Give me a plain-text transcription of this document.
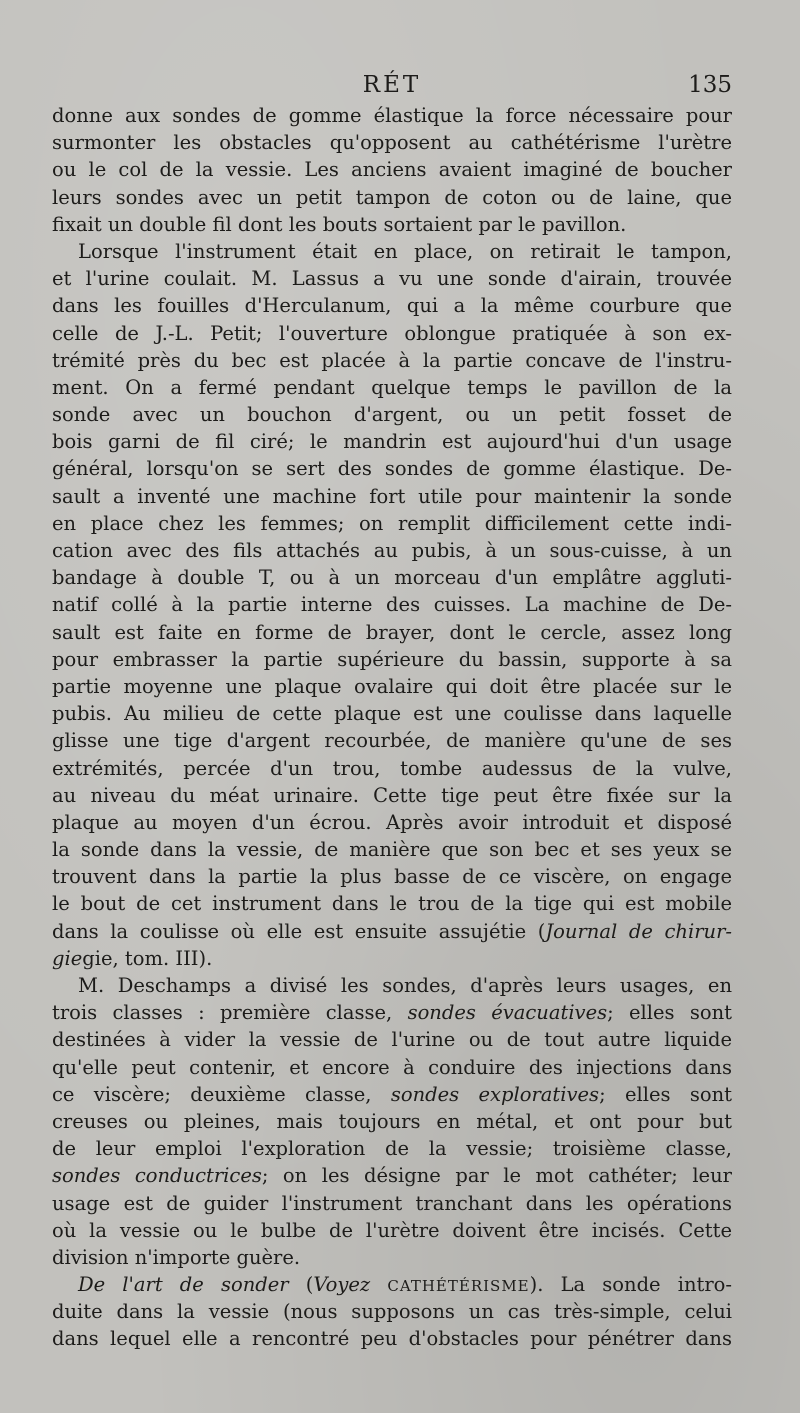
RÉT	135
donne aux sondes de gomme élastique la force nécessaire pour
surmonter les obstacles qu'opposent au cathétérisme l'urètre
ou le col de la vessie. Les anciens avaient imaginé de boucher
leurs sondes avec un petit tampon de coton ou de laine, que
fixait un double fil dont les bouts sortaient par le pavillon.
Lorsque l'instrument était en place, on retirait le tampon,
et l'urine coulait. M. Lassus a vu une sonde d'airain, trouvée
dans les fouilles d'Herculanum, qui a la même courbure que
celle de J.-L. Petit; l'ouverture oblongue pratiquée à son ex-
trémité près du bec est placée à la partie concave de l'instru-
ment. On a fermé pendant quelque temps le pavillon de la
sonde avec un bouchon d'argent, ou un petit fosset de
bois garni de fil ciré; le mandrin est aujourd'hui d'un usage
général, lorsqu'on se sert des sondes de gomme élastique. De-
sault a inventé une machine fort utile pour maintenir la sonde
en place chez les femmes; on remplit difficilement cette indi-
cation avec des fils attachés au pubis, à un sous-cuisse, à un
bandage à double T, ou à un morceau d'un emplâtre aggluti-
natif collé à la partie interne des cuisses. La machine de De-
sault est faite en forme de brayer, dont le cercle, assez long
pour embrasser la partie supérieure du bassin, supporte à sa
partie moyenne une plaque ovalaire qui doit être placée sur le
pubis. Au milieu de cette plaque est une coulisse dans laquelle
glisse une tige d'argent recourbée, de manière qu'une de ses
extrémités, percée d'un trou, tombe audessus de la vulve,
au niveau du méat urinaire. Cette tige peut être fixée sur la
plaque au moyen d'un écrou. Après avoir introduit et disposé
la sonde dans la vessie, de manière que son bec et ses yeux se
trouvent dans la partie la plus basse de ce viscère, on engage
le bout de cet instrument dans le trou de la tige qui est mobile
dans la coulisse où elle est ensuite assujétie (Journal de chirur-
giegie, tom. III).
M. Deschamps a divisé les sondes, d'après leurs usages, en
trois classes : première classe, sondes évacuatives; elles sont
destinées à vider la vessie de l'urine ou de tout autre liquide
qu'elle peut contenir, et encore à conduire des injections dans
ce viscère; deuxième classe, sondes exploratives; elles sont
creuses ou pleines, mais toujours en métal, et ont pour but
de leur emploi l'exploration de la vessie; troisième classe,
sondes conductrices; on les désigne par le mot cathéter; leur
usage est de guider l'instrument tranchant dans les opérations
où la vessie ou le bulbe de l'urètre doivent être incisés. Cette
division n'importe guère.
De l'art de sonder (Voyez CATHÉTÉRISME). La sonde intro-
duite dans la vessie (nous supposons un cas très-simple, celui
dans lequel elle a rencontré peu d'obstacles pour pénétrer dans
